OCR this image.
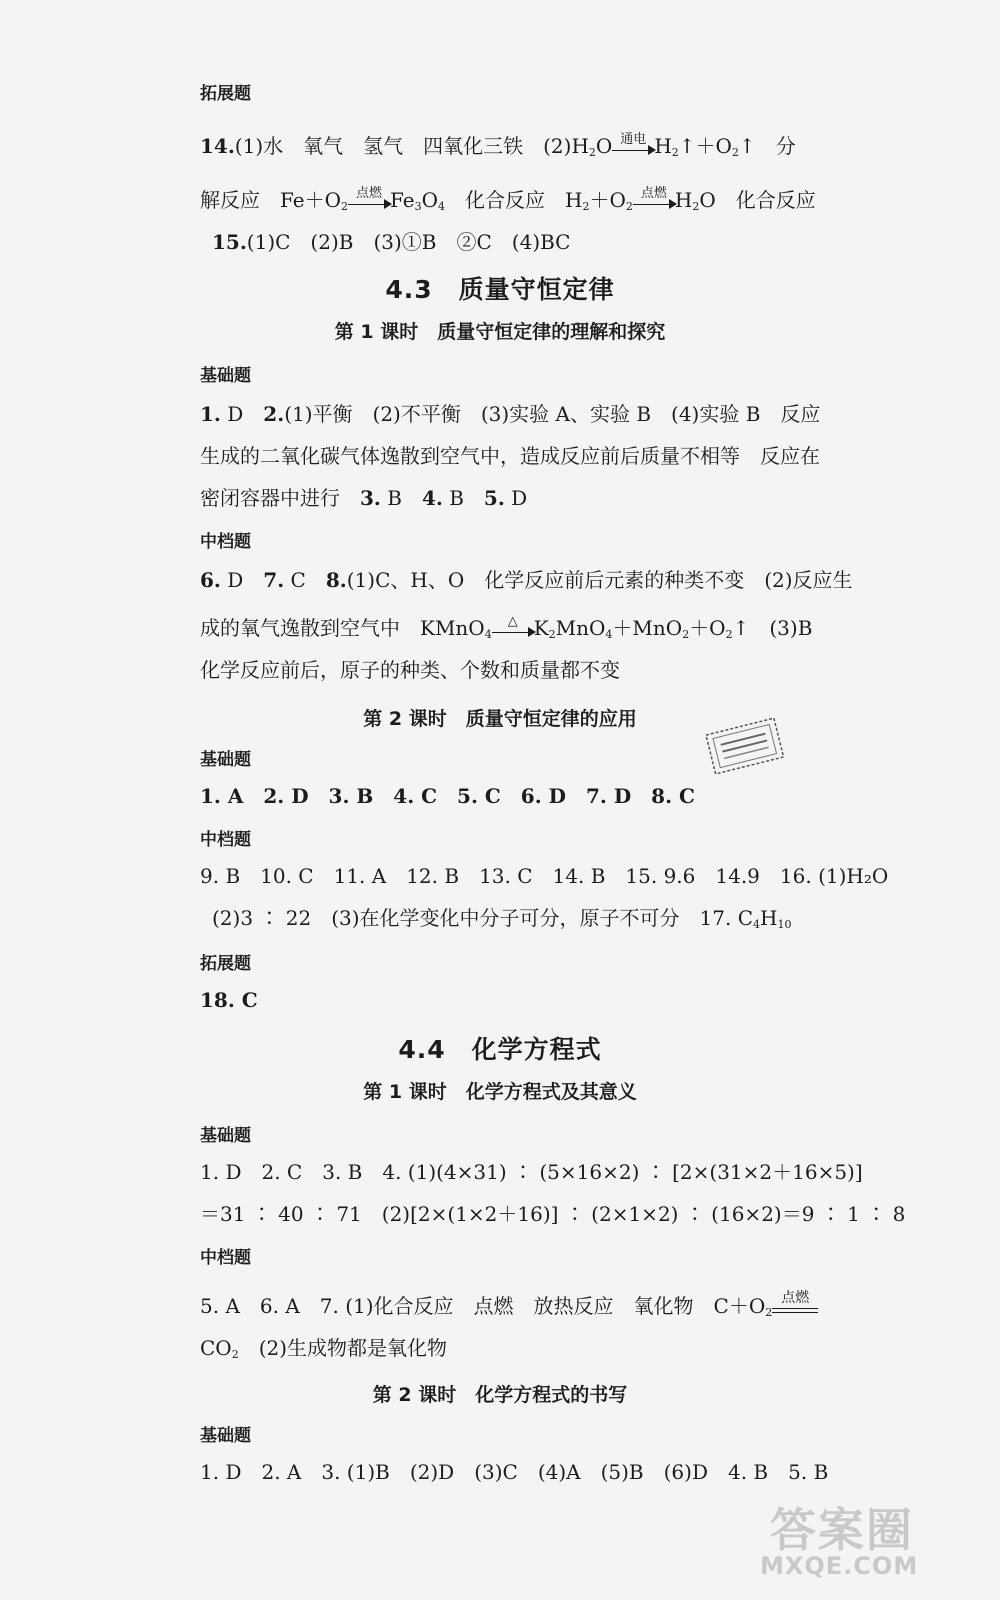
拓展题
14.(1)水　氧气　氢气　四氧化三铁　$(2)H_2O$ 通电 $H_2↑+O_2↑$　分
解反应　$Fe+O_2$
点燃 $Fe_3O_4$　 化合反应　$H_2+O_2$
点燃 $H_2O$　化合反应
15.(1)C　(2)B　(3)①B　②C　(4)BC
4.3　质量守恒定律
第 1 课时　质量守恒定律的理解和探究
基础题
1. D　2.(1)平衡　(2)不平衡　(3)实验 A、实验 B　(4)实验 B　反应
生成的二氧化碳气体逸散到空气中，造成反应前后质量不相等　反应在
密闭容器中进行　3. B　4. B　5. D
中档题
6. D　7. C　8.(1)C、H、O　化学反应前后元素的种类不变　(2)反应生
成的氧气逸散到空气中　KMnO$_4$
△ $K_2MnO_4+MnO_2+O_2↑$　(3)B
化学反应前后，原子的种类、个数和质量都不变
第 2 课时　质量守恒定律的应用
基础题
1. A　2. D　3. B　4. C　5. C　6. D　7. D　8. C
中档题
9. B　10. C　11. A　12. B　13. C　14. B　15. 9.6　14.9　16. (1)H₂O
(2)3 ∶ 22　(3)在化学变化中分子可分，原子不可分　17. $C_4H_{10}$
拓展题
18. C
4.4　化学方程式
第 1 课时　化学方程式及其意义
基础题
1. D　2. C　3. B　4. (1)(4×31) ∶ (5×16×2) ∶ [2×(31×2＋16×5)]
＝31 ∶ 40 ∶ 71　(2)[2×(1×2＋16)] ∶ (2×1×2) ∶ (16×2)＝9 ∶ 1 ∶ 8
中档题
5. A　6. A　7. (1)化合反应　点燃　放热反应　氧化物　$C+O_2$
点燃
$CO_2$　 (2)生成物都是氧化物
第 2 课时　化学方程式的书写
基础题
1. D　2. A　3. (1)B　(2)D　(3)C　(4)A　(5)B　(6)D　4. B　5. B
答案圈
MXQE.COM
